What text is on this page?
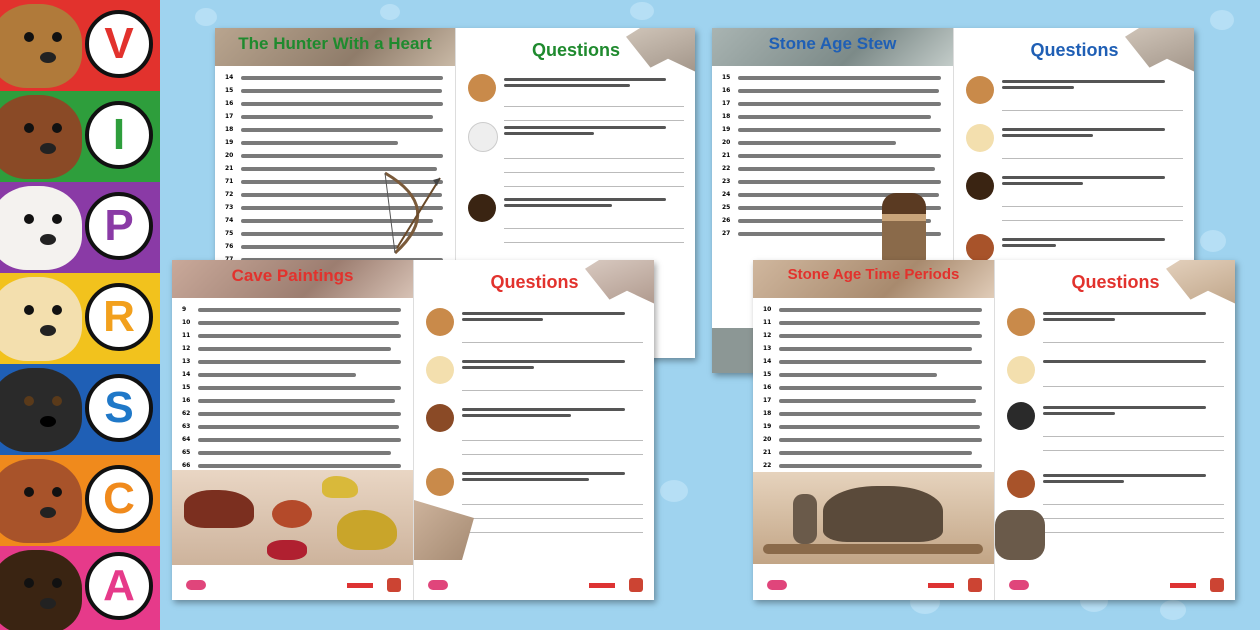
V
I
P
R
S
C
A
The Hunter With a Heart
14
15
16
17
18
19
20
21
71
72
73
74
75
76
Questions	Stone Age Stew
15
16
17
18
19
20
21
22
23
24
25
26
27
Questions
Cave Paintings
9
10
11
12
13
14
15
16
62
63
64
65
66
Questions	Stone Age Time Periods
10
11
12
13
14
15
16
17
18
19
20
21
22
Questions
